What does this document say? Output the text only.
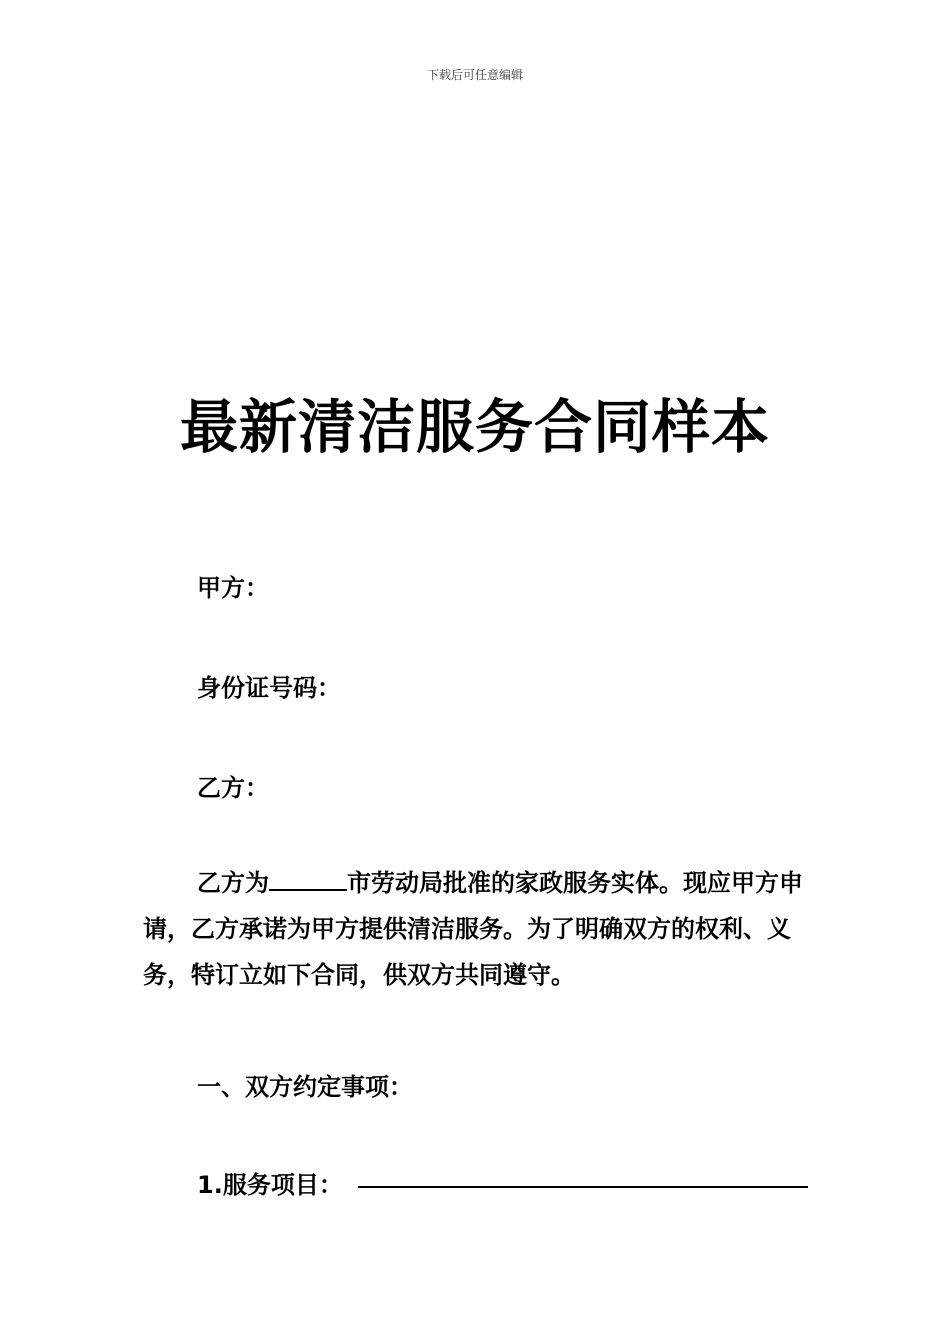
下载后可任意编辑
最新清洁服务合同样本
甲方：
身份证号码：
乙方：
乙方为	市劳动局批准的家政服务实体。现应甲方申请，乙方承诺为甲方提供清洁服务。为了明确双方的权利、义务，特订立如下合同，供双方共同遵守。
一、双方约定事项：
1.服务项目：
